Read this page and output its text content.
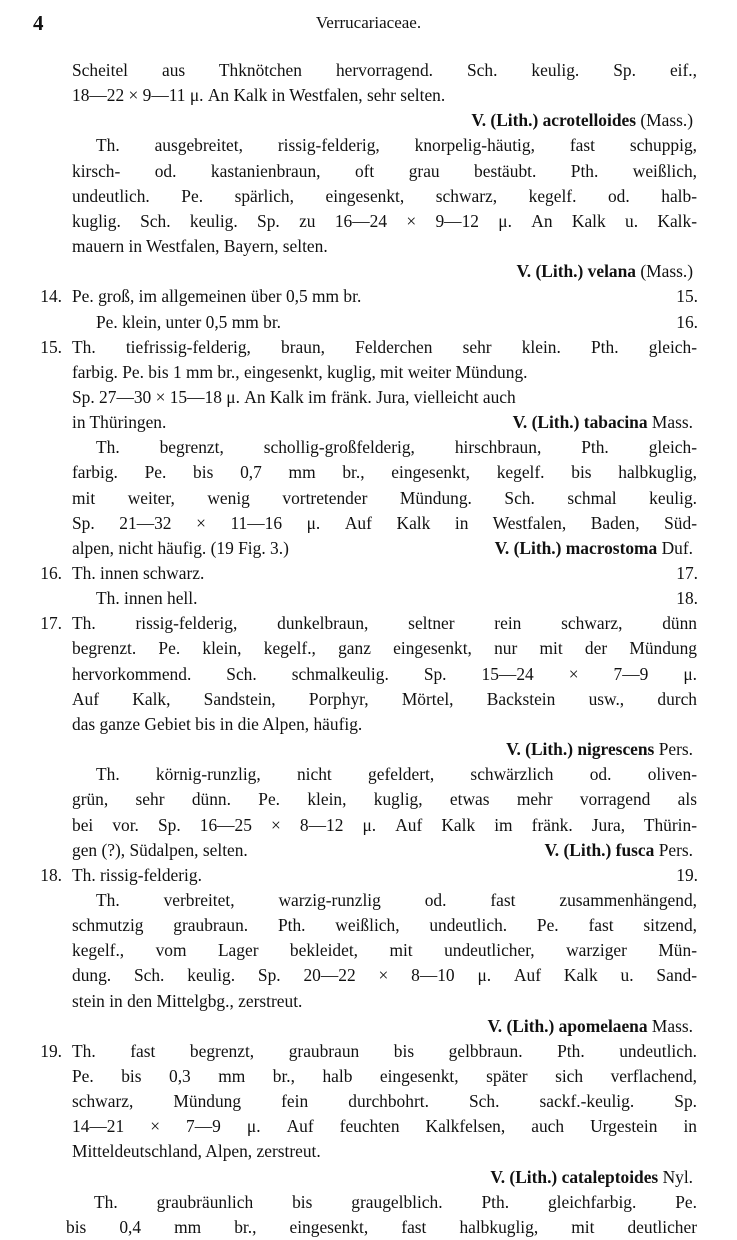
4	Verrucariaceae.
Scheitel aus Thknötchen hervorragend. Sch. keulig. Sp. eif.,
18—22 × 9—11 μ. An Kalk in Westfalen, sehr selten.
V. (Lith.) acrotelloides (Mass.)
Th. ausgebreitet, rissig-felderig, knorpelig-häutig, fast schuppig,
kirsch- od. kastanienbraun, oft grau bestäubt. Pth. weißlich,
undeutlich. Pe. spärlich, eingesenkt, schwarz, kegelf. od. halb-
kuglig. Sch. keulig. Sp. zu 16—24 × 9—12 μ. An Kalk u. Kalk-
mauern in Westfalen, Bayern, selten.
V. (Lith.) velana (Mass.)
14. Pe. groß, im allgemeinen über 0,5 mm br.	15.
Pe. klein, unter 0,5 mm br.	16.
15. Th. tiefrissig-felderig, braun, Felderchen sehr klein. Pth. gleich-
farbig. Pe. bis 1 mm br., eingesenkt, kuglig, mit weiter Mündung.
Sp. 27—30 × 15—18 μ. An Kalk im fränk. Jura, vielleicht auch
in Thüringen.	V. (Lith.) tabacina Mass.
Th. begrenzt, schollig-großfelderig, hirschbraun, Pth. gleich-
farbig. Pe. bis 0,7 mm br., eingesenkt, kegelf. bis halbkuglig,
mit weiter, wenig vortretender Mündung. Sch. schmal keulig.
Sp. 21—32 × 11—16 μ. Auf Kalk in Westfalen, Baden, Süd-
alpen, nicht häufig. (19 Fig. 3.)	V. (Lith.) macrostoma Duf.
16. Th. innen schwarz.	17.
Th. innen hell.	18.
17. Th. rissig-felderig, dunkelbraun, seltner rein schwarz, dünn
begrenzt. Pe. klein, kegelf., ganz eingesenkt, nur mit der Mündung
hervorkommend. Sch. schmalkeulig. Sp. 15—24 × 7—9 μ.
Auf Kalk, Sandstein, Porphyr, Mörtel, Backstein usw., durch
das ganze Gebiet bis in die Alpen, häufig.
V. (Lith.) nigrescens Pers.
Th. körnig-runzlig, nicht gefeldert, schwärzlich od. oliven-
grün, sehr dünn. Pe. klein, kuglig, etwas mehr vorragend als
bei vor. Sp. 16—25 × 8—12 μ. Auf Kalk im fränk. Jura, Thürin-
gen (?), Südalpen, selten.	V. (Lith.) fusca Pers.
18. Th. rissig-felderig.	19.
Th. verbreitet, warzig-runzlig od. fast zusammenhängend,
schmutzig graubraun. Pth. weißlich, undeutlich. Pe. fast sitzend,
kegelf., vom Lager bekleidet, mit undeutlicher, warziger Mün-
dung. Sch. keulig. Sp. 20—22 × 8—10 μ. Auf Kalk u. Sand-
stein in den Mittelgbg., zerstreut.
V. (Lith.) apomelaena Mass.
19. Th. fast begrenzt, graubraun bis gelbbraun. Pth. undeutlich.
Pe. bis 0,3 mm br., halb eingesenkt, später sich verflachend,
schwarz, Mündung fein durchbohrt. Sch. sackf.-keulig. Sp.
14—21 × 7—9 μ. Auf feuchten Kalkfelsen, auch Urgestein in
Mitteldeutschland, Alpen, zerstreut.
V. (Lith.) cataleptoides Nyl.
Th. graubräunlich bis graugelblich. Pth. gleichfarbig. Pe.
bis 0,4 mm br., eingesenkt, fast halbkuglig, mit deutlicher
